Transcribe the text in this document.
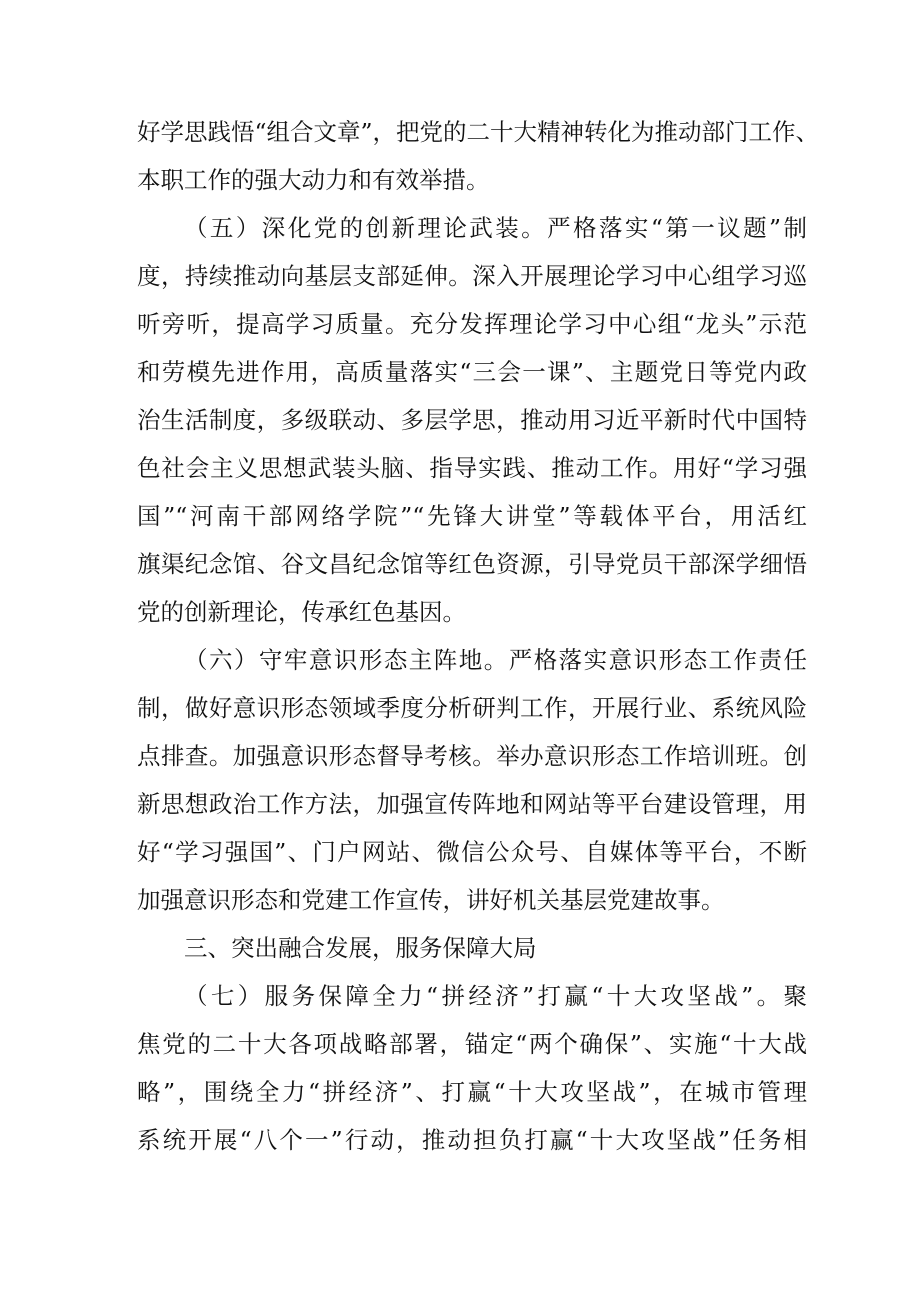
好学思践悟“组合文章”，把党的二十大精神转化为推动部门工作、
本职工作的强大动力和有效举措。
（五）深化党的创新理论武装。严格落实“第一议题”制
度，持续推动向基层支部延伸。深入开展理论学习中心组学习巡
听旁听，提高学习质量。充分发挥理论学习中心组“龙头”示范
和劳模先进作用，高质量落实“三会一课”、主题党日等党内政
治生活制度，多级联动、多层学思，推动用习近平新时代中国特
色社会主义思想武装头脑、指导实践、推动工作。用好“学习强
国”“河南干部网络学院”“先锋大讲堂”等载体平台，用活红
旗渠纪念馆、谷文昌纪念馆等红色资源，引导党员干部深学细悟
党的创新理论，传承红色基因。
（六）守牢意识形态主阵地。严格落实意识形态工作责任
制，做好意识形态领域季度分析研判工作，开展行业、系统风险
点排查。加强意识形态督导考核。举办意识形态工作培训班。创
新思想政治工作方法，加强宣传阵地和网站等平台建设管理，用
好“学习强国”、门户网站、微信公众号、自媒体等平台，不断
加强意识形态和党建工作宣传，讲好机关基层党建故事。
三、突出融合发展，服务保障大局
（七）服务保障全力“拼经济”打赢“十大攻坚战”。聚
焦党的二十大各项战略部署，锚定“两个确保”、实施“十大战
略”，围绕全力“拼经济”、打赢“十大攻坚战”，在城市管理
系统开展“八个一”行动，推动担负打赢“十大攻坚战”任务相
